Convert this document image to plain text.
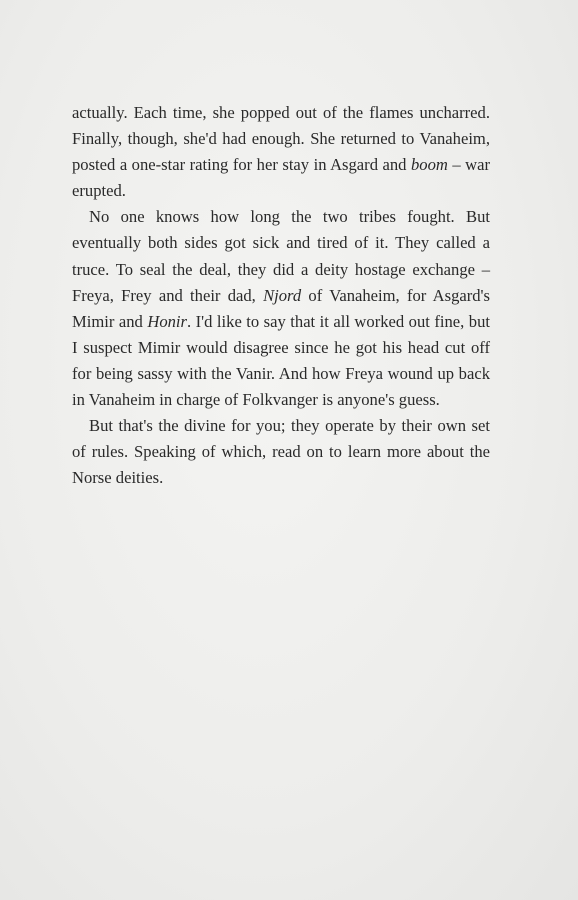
actually. Each time, she popped out of the flames uncharred. Finally, though, she'd had enough. She returned to Vanaheim, posted a one-star rating for her stay in Asgard and boom – war erupted.

No one knows how long the two tribes fought. But eventually both sides got sick and tired of it. They called a truce. To seal the deal, they did a deity hostage exchange – Freya, Frey and their dad, Njord of Vanaheim, for Asgard's Mimir and Honir. I'd like to say that it all worked out fine, but I suspect Mimir would disagree since he got his head cut off for being sassy with the Vanir. And how Freya wound up back in Vanaheim in charge of Folkvanger is anyone's guess.

But that's the divine for you; they operate by their own set of rules. Speaking of which, read on to learn more about the Norse deities.
